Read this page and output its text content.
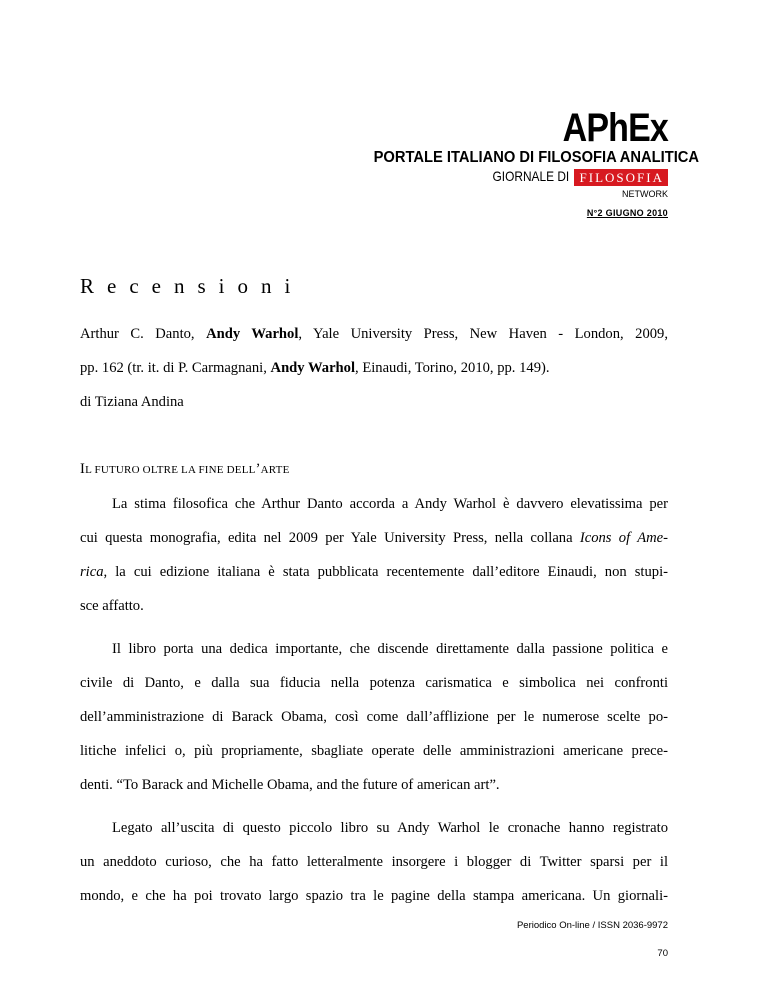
APhEx
PORTALE ITALIANO DI FILOSOFIA ANALITICA
GIORNALE DI FILOSOFIA
NETWORK
N°2 GIUGNO 2010
Recensioni
Arthur C. Danto, Andy Warhol, Yale University Press, New Haven - London, 2009,
pp. 162 (tr. it. di P. Carmagnani, Andy Warhol, Einaudi, Torino, 2010, pp. 149).
di Tiziana Andina
IL FUTURO OLTRE LA FINE DELL’ARTE
La stima filosofica che Arthur Danto accorda a Andy Warhol è davvero elevatissima per
cui questa monografia, edita nel 2009 per Yale University Press, nella collana Icons of Ame-
rica, la cui edizione italiana è stata pubblicata recentemente dall’editore Einaudi, non stupi-
sce affatto.
Il libro porta una dedica importante, che discende direttamente dalla passione politica e
civile di Danto, e dalla sua fiducia nella potenza carismatica e simbolica nei confronti
dell’amministrazione di Barack Obama, così come dall’afflizione per le numerose scelte po-
litiche infelici o, più propriamente, sbagliate operate delle amministrazioni americane prece-
denti. “To Barack and Michelle Obama, and the future of american art”.
Legato all’uscita di questo piccolo libro su Andy Warhol le cronache hanno registrato
un aneddoto curioso, che ha fatto letteralmente insorgere i blogger di Twitter sparsi per il
mondo, e che ha poi trovato largo spazio tra le pagine della stampa americana. Un giornali-
Periodico On-line / ISSN 2036-9972
70
